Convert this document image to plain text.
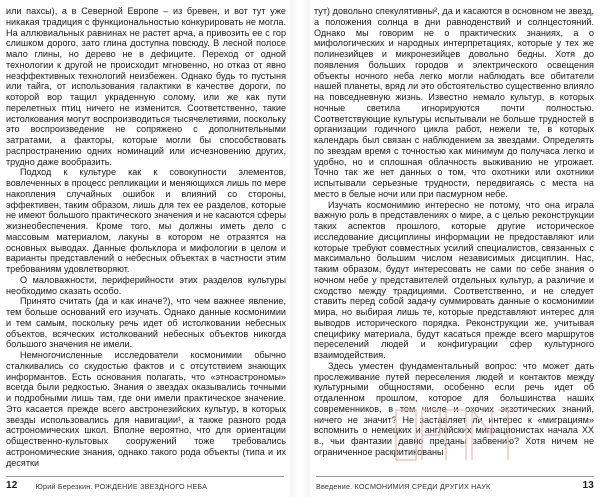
или пахсы), а в Северной Европе – из бревен, и вот тут уже никакая традиция с функциональностью конкурировать не могла. На аллювиальных равнинах не растет арча, а привозить ее с гор слишком дорого, зато глина доступна повсюду. В лесной полосе мало глины, но дерево не в дефиците. Переход от одной технологии к другой не происходит мгновенно, но отказ от явно неэффективных технологий неизбежен. Однако будь то пустыня или тайга, от использования галактики в качестве дороги, по которой вор тащил украденную солому, или же как пути перелетных птиц ничего не изменится. Соответственно, такие истолкования могут воспроизводиться тысячелетиями, поскольку это воспроизведение не сопряжено с дополнительными затратами, а факторы, которые могли бы способствовать распространению одних номинаций или исчезновению других, трудно даже вообразить.

Подход к культуре как к совокупности элементов, вовлеченных в процесс репликации и меняющихся лишь по мере накопления случайных ошибок и влияний со стороны, эффективен, таким образом, лишь для тех ее разделов, которые не имеют большого практического значения и не касаются сферы жизнеобеспечения. Кроме того, мы должны иметь дело с массовым материалом, лакуны в котором не отразятся на основных выводах. Данные фольклора и мифологии в целом и варианты представлений о небесных объектах в частности этим требованиям удовлетворяют.

О маловажности, периферийности этих разделов культуры необходимо сказать особо.

Принято считать (да и как иначе?), что чем важнее явление, тем больше оснований его изучать. Однако данные космонимии и тем самым, поскольку речь идет об истолковании небесных объектов, всяческих истолкований небесных объектов никогда большого значения не имели.

Немногочисленные исследователи космонимии обычно сталкивались со скудостью фактов и с отсутствием знающих информантов. Есть основания полагать, что «этноастрономы» всегда были редкостью. Знания о звездах оказывались точными и подробными лишь там, где они имели практическое значение. Это касается прежде всего австронезийских культур, в которых звезды использовались для навигации¹, а также разного рода астрономических школ. Вполне вероятно, что для ориентации общественно-культовых сооружений тоже требовались астрономические знания, однако такого рода объекты (типа и их десятки

12	Юрий Березкин. РОЖДЕНИЕ ЗВЕЗДНОГО НЕБА

тут) довольно спекулятивны², да и касаются в основном не звезд, а положения солнца в дни равноденствий и солнцестояний. Однако мы говорим не о практических знаниях, а о мифологических и народных интерпретациях, которые у тех же полинезийцев и микронезийцев довольно бедны. Хотя до появления больших городов и электрического освещения объекты ночного неба легко могли наблюдать все обитатели нашей планеты, вряд ли это обстоятельство существенно влияло на повседневную жизнь. Известно немало культур, в которых ночные светила игнорируются почти полностью. Соответствующие культуры испытывали не больше трудностей в организации годичного цикла работ, нежели те, в которых календарь был связан с наблюдением за звездами. Определять по звездам время с точностью как минимум до получаса легко и удобно, но и сплошная облачность выживанию не угрожает. Точно так же нет данных о том, что охотники или охотники испытывали серьезные трудности, передвигаясь с места на место в белые ночи или при пасмурном небе.

Изучать космонимию интересно не потому, что она играла важную роль в представлениях о мире, а с целью реконструкции таких аспектов прошлого, которые другие историческое исследование дисциплины информации не предоставляют или которые требуют совместных усилий специалистов, связанных с максимально большим числом независимых дисциплин. Нас, таким образом, будут интересовать не сами по себе знания о ночном небе у представителей отдельных культур, а различие и сходство между традициями. Соответственно, и не следует ставить перед собой задачу суммировать данные о космонимии мира, но выбирая лишь те, которые представляют интерес для выводов исторического порядка. Реконструкции же, учитывая специфику материала, будут касаться прежде всего маршрутов переселений людей и конфигурации сфер культурного взаимодействия.

Здесь уместен фундаментальный вопрос: что может дать прослеживание путей переселения людей и контактов между культурными общностями, особенно если речь идет об отдаленном прошлом, которое для большинства наших современников, в том числе и охочих экзотических знаний, ничего не значит? Не заставляет ли интерес к «миграциям» вспомнить о немецких и английских миграционистах начала XX в., чьи фантазии давно преданы забвению? Хотя ничем не ограниченное раскритикованы

Введение. КОСМОНИМИЯ СРЕДИ ДРУГИХ НАУК	13
